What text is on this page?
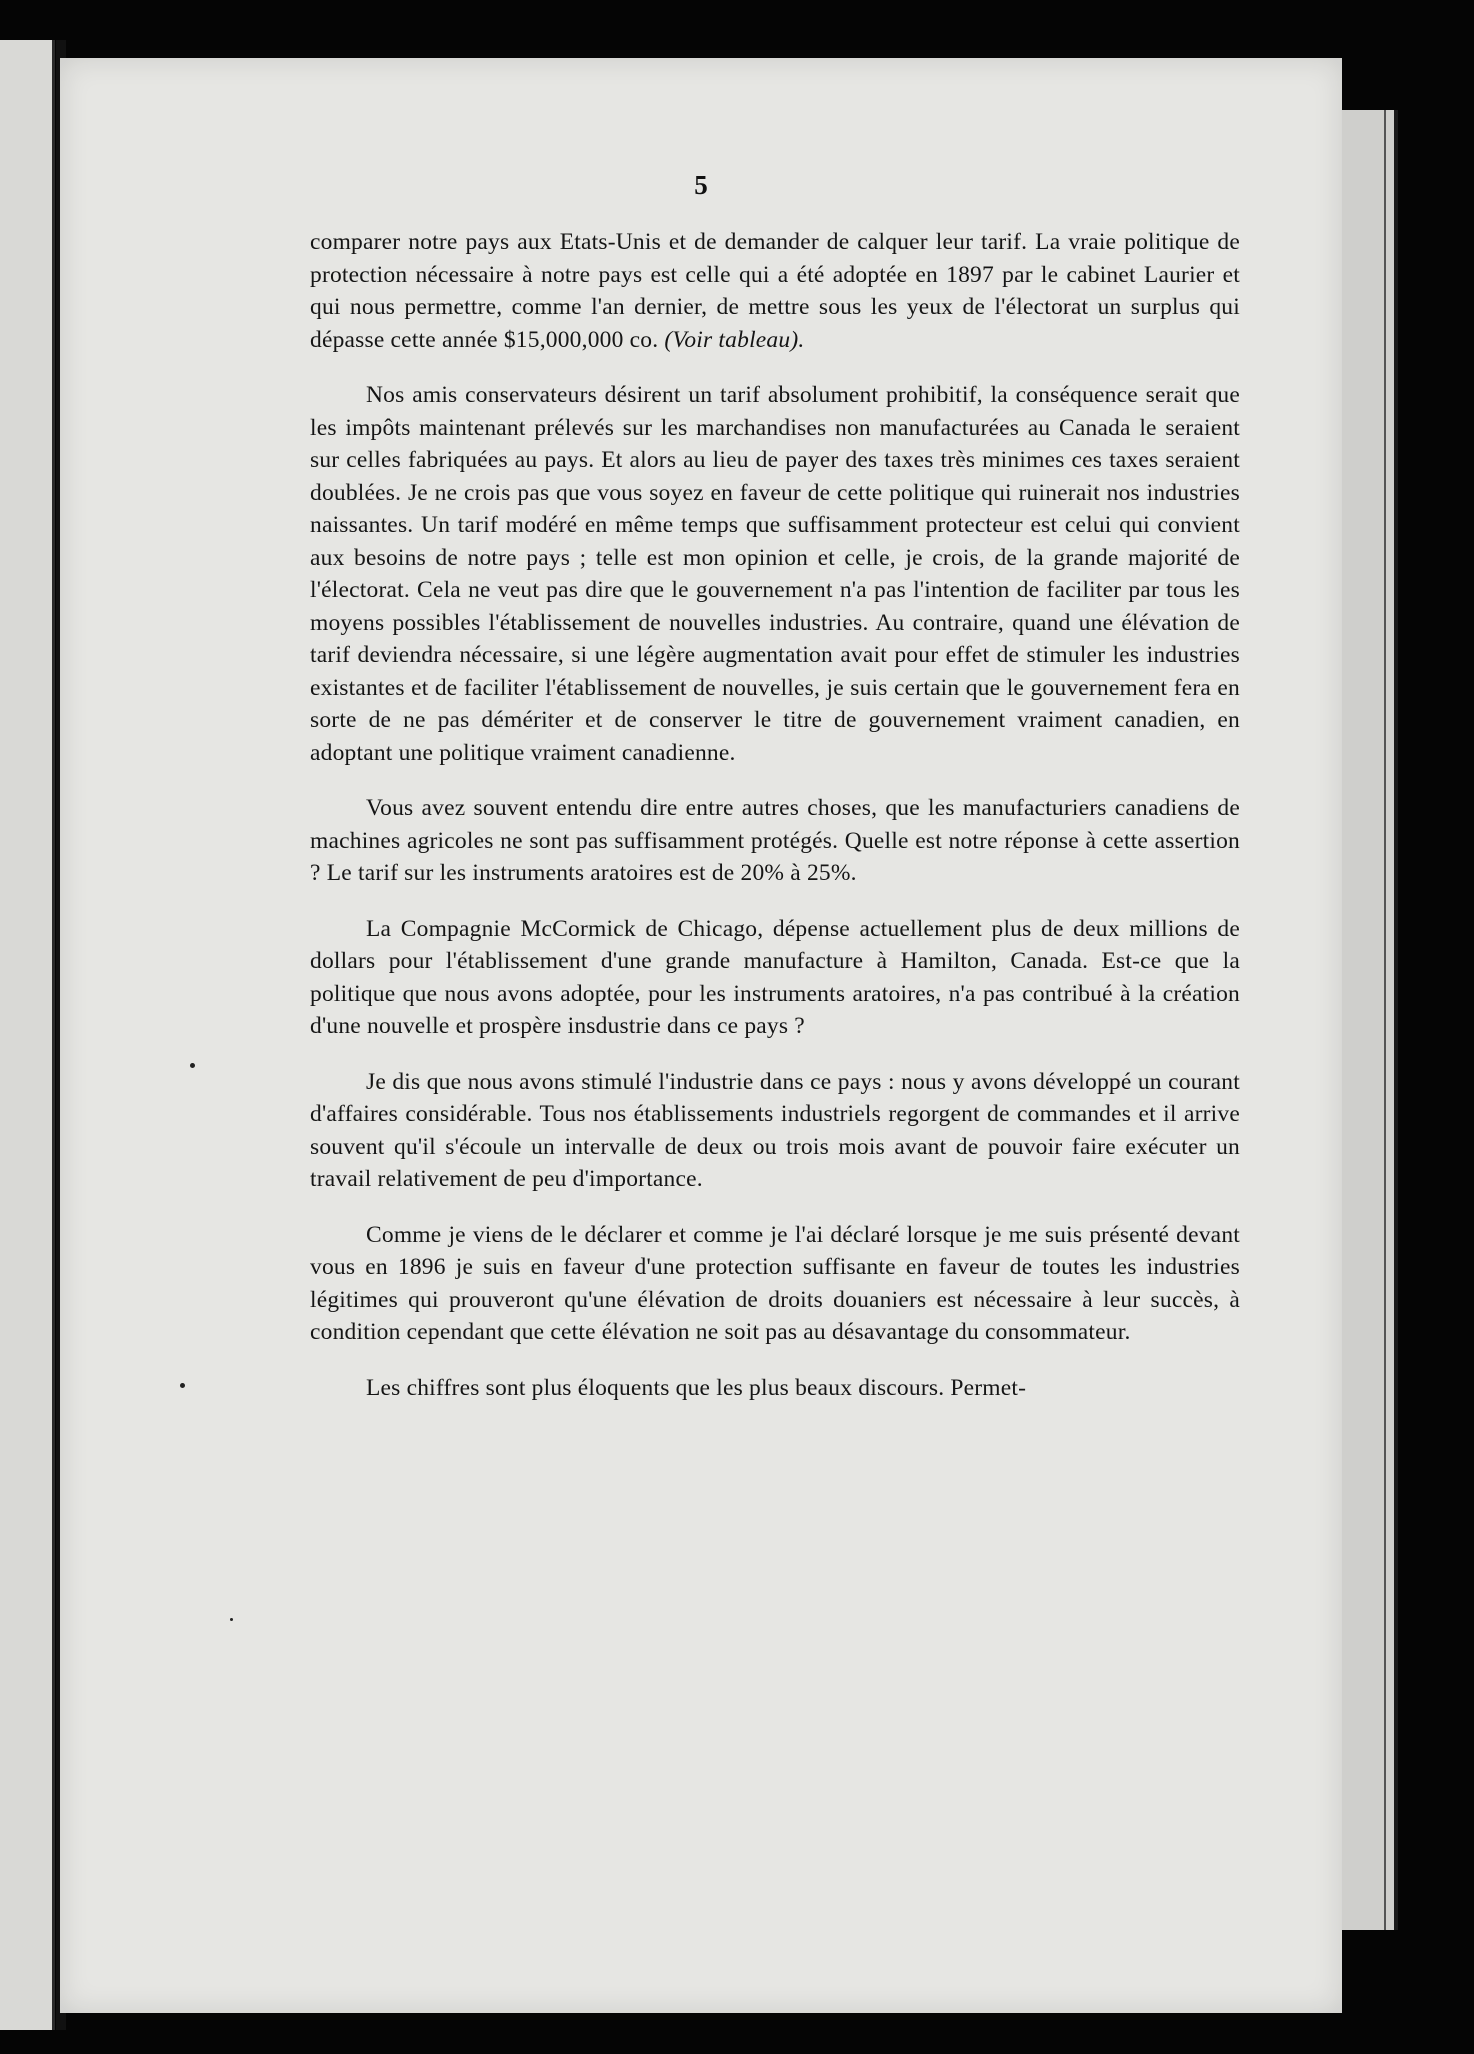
5

comparer notre pays aux Etats-Unis et de demander de calquer leur tarif. La vraie politique de protection nécessaire à notre pays est celle qui a été adoptée en 1897 par le cabinet Laurier et qui nous permettre, comme l'an dernier, de mettre sous les yeux de l'électorat un surplus qui dépasse cette année $15,000,000 co. (Voir tableau).

Nos amis conservateurs désirent un tarif absolument prohibitif, la conséquence serait que les impôts maintenant prélevés sur les marchandises non manufacturées au Canada le seraient sur celles fabriquées au pays. Et alors au lieu de payer des taxes très minimes ces taxes seraient doublées. Je ne crois pas que vous soyez en faveur de cette politique qui ruinerait nos industries naissantes. Un tarif modéré en même temps que suffisamment protecteur est celui qui convient aux besoins de notre pays ; telle est mon opinion et celle, je crois, de la grande majorité de l'électorat. Cela ne veut pas dire que le gouvernement n'a pas l'intention de faciliter par tous les moyens possibles l'établissement de nouvelles industries. Au contraire, quand une élévation de tarif deviendra nécessaire, si une légère augmentation avait pour effet de stimuler les industries existantes et de faciliter l'établissement de nouvelles, je suis certain que le gouvernement fera en sorte de ne pas démériter et de conserver le titre de gouvernement vraiment canadien, en adoptant une politique vraiment canadienne.

Vous avez souvent entendu dire entre autres choses, que les manufacturiers canadiens de machines agricoles ne sont pas suffisamment protégés. Quelle est notre réponse à cette assertion ? Le tarif sur les instruments aratoires est de 20% à 25%.

La Compagnie McCormick de Chicago, dépense actuellement plus de deux millions de dollars pour l'établissement d'une grande manufacture à Hamilton, Canada. Est-ce que la politique que nous avons adoptée, pour les instruments aratoires, n'a pas contribué à la création d'une nouvelle et prospère insdustrie dans ce pays ?

Je dis que nous avons stimulé l'industrie dans ce pays : nous y avons développé un courant d'affaires considérable. Tous nos établissements industriels regorgent de commandes et il arrive souvent qu'il s'écoule un intervalle de deux ou trois mois avant de pouvoir faire exécuter un travail relativement de peu d'importance.

Comme je viens de le déclarer et comme je l'ai déclaré lorsque je me suis présenté devant vous en 1896 je suis en faveur d'une protection suffisante en faveur de toutes les industries légitimes qui prouveront qu'une élévation de droits douaniers est nécessaire à leur succès, à condition cependant que cette élévation ne soit pas au désavantage du consommateur.

Les chiffres sont plus éloquents que les plus beaux discours. Permet-
